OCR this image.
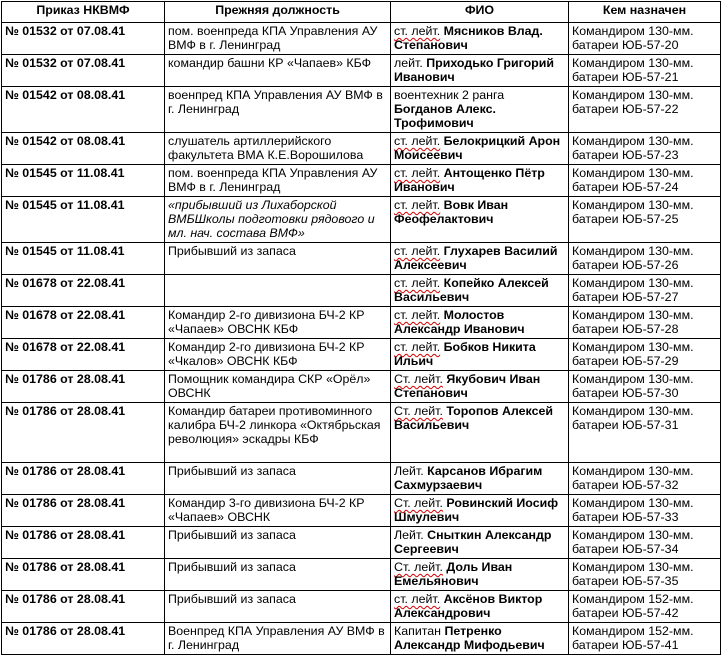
Приказ НКВМФ	Прежняя должность	ФИО	Кем назначен
№ 01532 от 07.08.41	пом. военпреда КПА Управления АУ ВМФ в г. Ленинград	ст. лейт. Мясников Влад. Степанович	Командиром 130-мм. батареи ЮБ-57-20
№ 01532 от 07.08.41	командир башни КР «Чапаев» КБФ	лейт. Приходько Григорий Иванович	Командиром 130-мм. батареи ЮБ-57-21
№ 01542 от 08.08.41	военпред КПА Управления АУ ВМФ в г. Ленинград	воентехник 2 ранга Богданов Алекс. Трофимович	Командиром 130-мм. батареи ЮБ-57-22
№ 01542 от 08.08.41	слушатель артиллерийского факультета ВМА К.Е.Ворошилова	ст. лейт. Белокрицкий Арон Моисеевич	Командиром 130-мм. батареи ЮБ-57-23
№ 01545 от 11.08.41	пом. военпреда КПА Управления АУ ВМФ в г. Ленинград	ст. лейт. Антощенко Пётр Иванович	Командиром 130-мм. батареи ЮБ-57-24
№ 01545 от 11.08.41	«прибывший из Лихаборской ВМБШколы подготовки рядового и мл. нач. состава ВМФ»	ст. лейт. Вовк Иван Феофелактович	Командиром 130-мм. батареи ЮБ-57-25
№ 01545 от 11.08.41	Прибывший из запаса	ст. лейт. Глухарев Василий Алексеевич	Командиром 130-мм. батареи ЮБ-57-26
№ 01678 от 22.08.41		ст. лейт. Копейко Алексей Васильевич	Командиром 130-мм. батареи ЮБ-57-27
№ 01678 от 22.08.41	Командир 2-го дивизиона БЧ-2 КР «Чапаев» ОВСНК КБФ	ст. лейт. Молостов Александр Иванович	Командиром 130-мм. батареи ЮБ-57-28
№ 01678 от 22.08.41	Командир 2-го дивизиона БЧ-2 КР «Чкалов» ОВСНК КБФ	ст. лейт. Бобков Никита Ильич	Командиром 130-мм. батареи ЮБ-57-29
№ 01786 от 28.08.41	Помощник командира СКР «Орёл» ОВСНК	Ст. лейт. Якубович Иван Степанович	Командиром 130-мм. батареи ЮБ-57-30
№ 01786 от 28.08.41	Командир батареи противоминного калибра БЧ-2 линкора «Октябрьская революция» эскадры КБФ	Ст. лейт. Торопов Алексей Васильевич	Командиром 130-мм. батареи ЮБ-57-31
№ 01786 от 28.08.41	Прибывший из запаса	Лейт. Карсанов Ибрагим Сахмурзаевич	Командиром 130-мм. батареи ЮБ-57-32
№ 01786 от 28.08.41	Командир 3-го дивизиона БЧ-2 КР «Чапаев» ОВСНК	Ст. лейт. Ровинский Иосиф Шмулевич	Командиром 130-мм. батареи ЮБ-57-33
№ 01786 от 28.08.41	Прибывший из запаса	Лейт. Сныткин Александр Сергеевич	Командиром 130-мм. батареи ЮБ-57-34
№ 01786 от 28.08.41	Прибывший из запаса	Ст. лейт. Доль Иван Емельянович	Командиром 130-мм. батареи ЮБ-57-35
№ 01786 от 28.08.41	Прибывший из запаса	ст. лейт. Аксёнов Виктор Александрович	Командиром 152-мм. батареи ЮБ-57-42
№ 01786 от 28.08.41	Военпред КПА Управления АУ ВМФ в г. Ленинград	Капитан Петренко Александр Мифодьевич	Командиром 152-мм. батареи ЮБ-57-41
